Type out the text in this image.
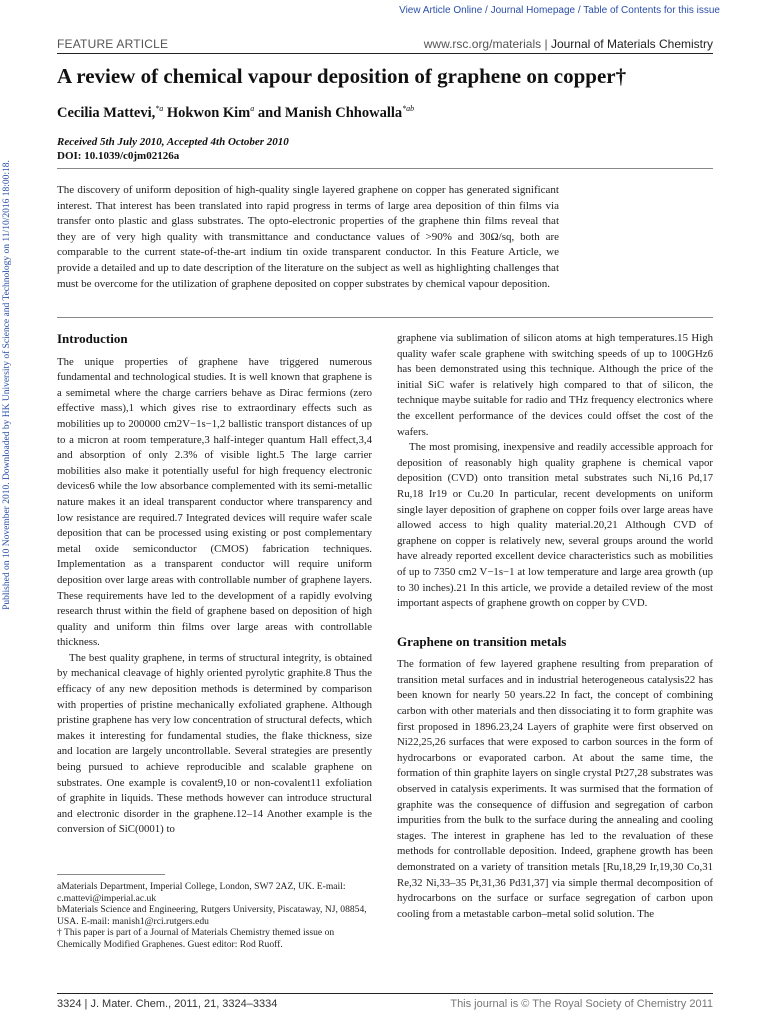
View Article Online / Journal Homepage / Table of Contents for this issue
Published on 10 November 2010. Downloaded by HK University of Science and Technology on 11/10/2016 18:00:18.
FEATURE ARTICLE	www.rsc.org/materials | Journal of Materials Chemistry
A review of chemical vapour deposition of graphene on copper†
Cecilia Mattevi,$^{*a}$ Hokwon Kim$^a$ and Manish Chhowalla$^{*ab}$
Received 5th July 2010, Accepted 4th October 2010
DOI: 10.1039/c0jm02126a

The discovery of uniform deposition of high-quality single layered graphene on copper has generated significant interest. That interest has been translated into rapid progress in terms of large area deposition of thin films via transfer onto plastic and glass substrates. The opto-electronic properties of the graphene thin films reveal that they are of very high quality with transmittance and conductance values of >90% and 30Ω/sq, both are comparable to the current state-of-the-art indium tin oxide transparent conductor. In this Feature Article, we provide a detailed and up to date description of the literature on the subject as well as highlighting challenges that must be overcome for the utilization of graphene deposited on copper substrates by chemical vapour deposition.

Introduction

The unique properties of graphene have triggered numerous fundamental and technological studies. It is well known that graphene is a semimetal where the charge carriers behave as Dirac fermions (zero effective mass),1 which gives rise to extraordinary effects such as mobilities up to 200000 cm2V−1s−1,2 ballistic transport distances of up to a micron at room temperature,3 half-integer quantum Hall effect,3,4 and absorption of only 2.3% of visible light.5 The large carrier mobilities also make it potentially useful for high frequency electronic devices6 while the low absorbance complemented with its semi-metallic nature makes it an ideal transparent conductor where transparency and low resistance are required.7 Integrated devices will require wafer scale deposition that can be processed using existing or post complementary metal oxide semiconductor (CMOS) fabrication techniques. Implementation as a transparent conductor will require uniform deposition over large areas with controllable number of graphene layers. These requirements have led to the development of a rapidly evolving research thrust within the field of graphene based on deposition of high quality and uniform thin films over large areas with controllable thickness.

The best quality graphene, in terms of structural integrity, is obtained by mechanical cleavage of highly oriented pyrolytic graphite.8 Thus the efficacy of any new deposition methods is determined by comparison with properties of pristine mechanically exfoliated graphene. Although pristine graphene has very low concentration of structural defects, which makes it interesting for fundamental studies, the flake thickness, size and location are largely uncontrollable. Several strategies are presently being pursued to achieve reproducible and scalable graphene on substrates. One example is covalent9,10 or non-covalent11 exfoliation of graphite in liquids. These methods however can introduce structural and electronic disorder in the graphene.12–14 Another example is the conversion of SiC(0001) to

aMaterials Department, Imperial College, London, SW7 2AZ, UK. E-mail: c.mattevi@imperial.ac.uk

bMaterials Science and Engineering, Rutgers University, Piscataway, NJ, 08854, USA. E-mail: manish1@rci.rutgers.edu

† This paper is part of a Journal of Materials Chemistry themed issue on Chemically Modified Graphenes. Guest editor: Rod Ruoff.

graphene via sublimation of silicon atoms at high temperatures.15 High quality wafer scale graphene with switching speeds of up to 100GHz6 has been demonstrated using this technique. Although the price of the initial SiC wafer is relatively high compared to that of silicon, the technique maybe suitable for radio and THz frequency electronics where the excellent performance of the devices could offset the cost of the wafers.

The most promising, inexpensive and readily accessible approach for deposition of reasonably high quality graphene is chemical vapor deposition (CVD) onto transition metal substrates such Ni,16 Pd,17 Ru,18 Ir19 or Cu.20 In particular, recent developments on uniform single layer deposition of graphene on copper foils over large areas have allowed access to high quality material.20,21 Although CVD of graphene on copper is relatively new, several groups around the world have already reported excellent device characteristics such as mobilities of up to 7350 cm2 V−1s−1 at low temperature and large area growth (up to 30 inches).21 In this article, we provide a detailed review of the most important aspects of graphene growth on copper by CVD.

Graphene on transition metals

The formation of few layered graphene resulting from preparation of transition metal surfaces and in industrial heterogeneous catalysis22 has been known for nearly 50 years.22 In fact, the concept of combining carbon with other materials and then dissociating it to form graphite was first proposed in 1896.23,24 Layers of graphite were first observed on Ni22,25,26 surfaces that were exposed to carbon sources in the form of hydrocarbons or evaporated carbon. At about the same time, the formation of thin graphite layers on single crystal Pt27,28 substrates was observed in catalysis experiments. It was surmised that the formation of graphite was the consequence of diffusion and segregation of carbon impurities from the bulk to the surface during the annealing and cooling stages. The interest in graphene has led to the revaluation of these methods for controllable deposition. Indeed, graphene growth has been demonstrated on a variety of transition metals [Ru,18,29 Ir,19,30 Co,31 Re,32 Ni,33–35 Pt,31,36 Pd31,37] via simple thermal decomposition of hydrocarbons on the surface or surface segregation of carbon upon cooling from a metastable carbon–metal solid solution. The

3324 | J. Mater. Chem., 2011, 21, 3324–3334	This journal is © The Royal Society of Chemistry 2011
